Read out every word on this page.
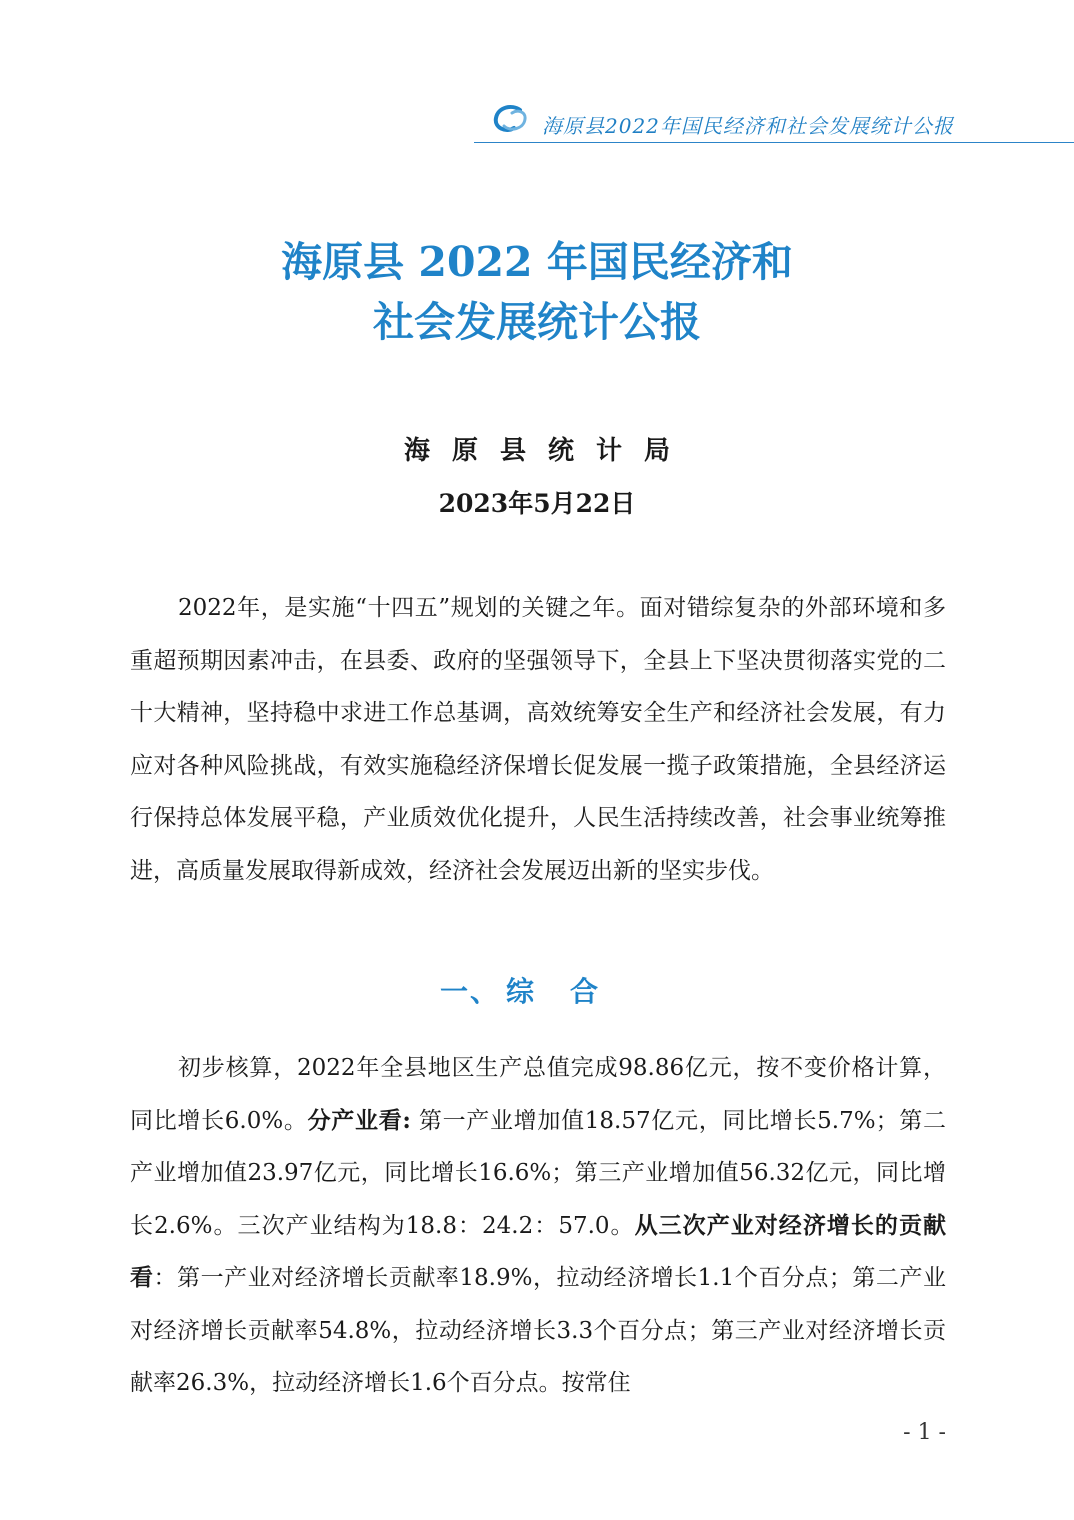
海原县2022年国民经济和社会发展统计公报
海原县 2022 年国民经济和
社会发展统计公报
海原县统计局
2023年5月22日

2022年，是实施“十四五”规划的关键之年。面对错综复杂的外部环境和多重超预期因素冲击，在县委、政府的坚强领导下，全县上下坚决贯彻落实党的二十大精神，坚持稳中求进工作总基调，高效统筹安全生产和经济社会发展，有力应对各种风险挑战，有效实施稳经济保增长促发展一揽子政策措施，全县经济运行保持总体发展平稳，产业质效优化提升，人民生活持续改善，社会事业统筹推进，高质量发展取得新成效，经济社会发展迈出新的坚实步伐。

一、 综合

初步核算，2022年全县地区生产总值完成98.86亿元，按不变价格计算，同比增长6.0%。分产业看: 第一产业增加值18.57亿元，同比增长5.7%；第二产业增加值23.97亿元，同比增长16.6%；第三产业增加值56.32亿元，同比增长2.6%。三次产业结构为18.8：24.2：57.0。从三次产业对经济增长的贡献看：第一产业对经济增长贡献率18.9%，拉动经济增长1.1个百分点；第二产业对经济增长贡献率54.8%，拉动经济增长3.3个百分点；第三产业对经济增长贡献率26.3%，拉动经济增长1.6个百分点。按常住

- 1 -
